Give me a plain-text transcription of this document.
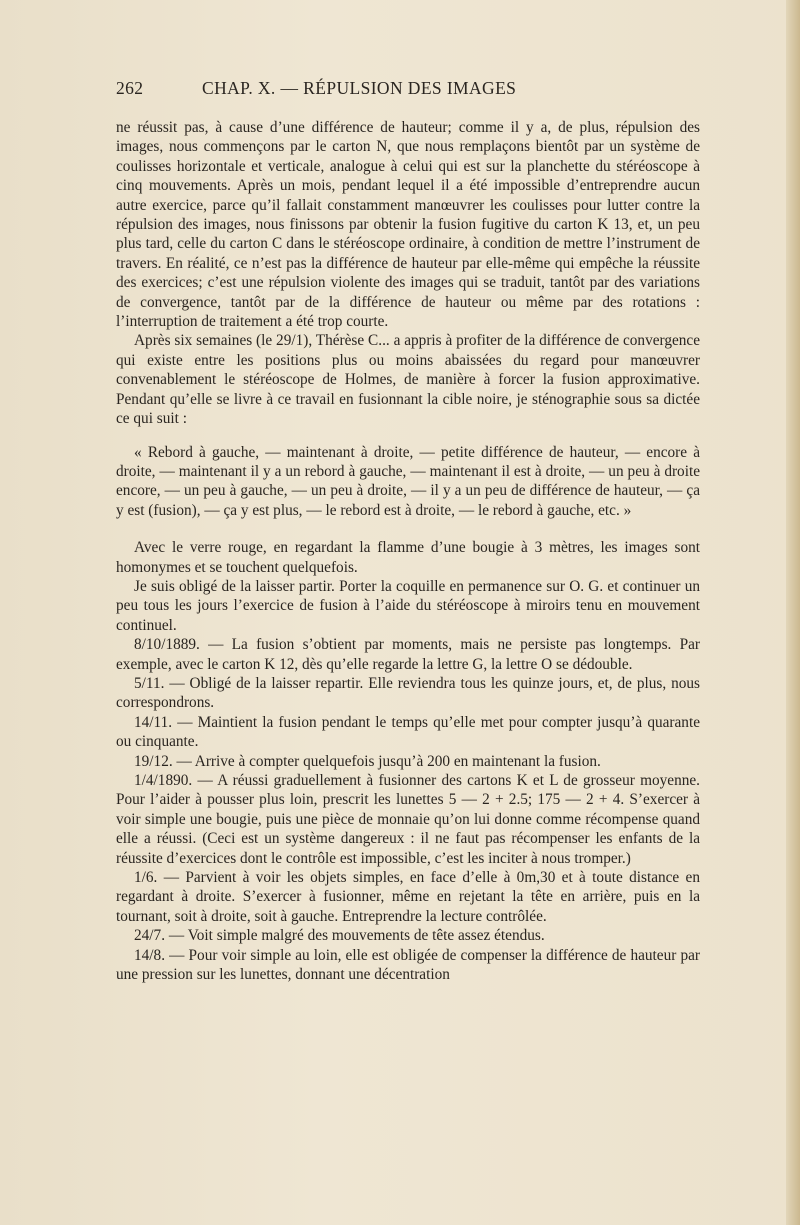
262	CHAP. X. — RÉPULSION DES IMAGES

ne réussit pas, à cause d’une différence de hauteur; comme il y a, de plus, répulsion des images, nous commençons par le carton N, que nous remplaçons bientôt par un système de coulisses horizontale et verticale, analogue à celui qui est sur la planchette du stéréoscope à cinq mouvements. Après un mois, pendant lequel il a été impossible d’entreprendre aucun autre exercice, parce qu’il fallait constamment manœuvrer les coulisses pour lutter contre la répulsion des images, nous finissons par obtenir la fusion fugitive du carton K 13, et, un peu plus tard, celle du carton C dans le stéréoscope ordinaire, à condition de mettre l’instrument de travers. En réalité, ce n’est pas la différence de hauteur par elle-même qui empêche la réussite des exercices; c’est une répulsion violente des images qui se traduit, tantôt par des variations de convergence, tantôt par de la différence de hauteur ou même par des rotations : l’interruption de traitement a été trop courte.

Après six semaines (le 29/1), Thérèse C... a appris à profiter de la différence de convergence qui existe entre les positions plus ou moins abaissées du regard pour manœuvrer convenablement le stéréoscope de Holmes, de manière à forcer la fusion approximative. Pendant qu’elle se livre à ce travail en fusionnant la cible noire, je sténographie sous sa dictée ce qui suit :

« Rebord à gauche, — maintenant à droite, — petite différence de hauteur, — encore à droite, — maintenant il y a un rebord à gauche, — maintenant il est à droite, — un peu à droite encore, — un peu à gauche, — un peu à droite, — il y a un peu de différence de hauteur, — ça y est (fusion), — ça y est plus, — le rebord est à droite, — le rebord à gauche, etc. »

Avec le verre rouge, en regardant la flamme d’une bougie à 3 mètres, les images sont homonymes et se touchent quelquefois.

Je suis obligé de la laisser partir. Porter la coquille en permanence sur O. G. et continuer un peu tous les jours l’exercice de fusion à l’aide du stéréoscope à miroirs tenu en mouvement continuel.

8/10/1889. — La fusion s’obtient par moments, mais ne persiste pas longtemps. Par exemple, avec le carton K 12, dès qu’elle regarde la lettre G, la lettre O se dédouble.

5/11. — Obligé de la laisser repartir. Elle reviendra tous les quinze jours, et, de plus, nous correspondrons.

14/11. — Maintient la fusion pendant le temps qu’elle met pour compter jusqu’à quarante ou cinquante.

19/12. — Arrive à compter quelquefois jusqu’à 200 en maintenant la fusion.

1/4/1890. — A réussi graduellement à fusionner des cartons K et L de grosseur moyenne. Pour l’aider à pousser plus loin, prescrit les lunettes 5 — 2 + 2.5; 175 — 2 + 4. S’exercer à voir simple une bougie, puis une pièce de monnaie qu’on lui donne comme récompense quand elle a réussi. (Ceci est un système dangereux : il ne faut pas récompenser les enfants de la réussite d’exercices dont le contrôle est impossible, c’est les inciter à nous tromper.)

1/6. — Parvient à voir les objets simples, en face d’elle à 0m,30 et à toute distance en regardant à droite. S’exercer à fusionner, même en rejetant la tête en arrière, puis en la tournant, soit à droite, soit à gauche. Entreprendre la lecture contrôlée.

24/7. — Voit simple malgré des mouvements de tête assez étendus.

14/8. — Pour voir simple au loin, elle est obligée de compenser la différence de hauteur par une pression sur les lunettes, donnant une décentration
